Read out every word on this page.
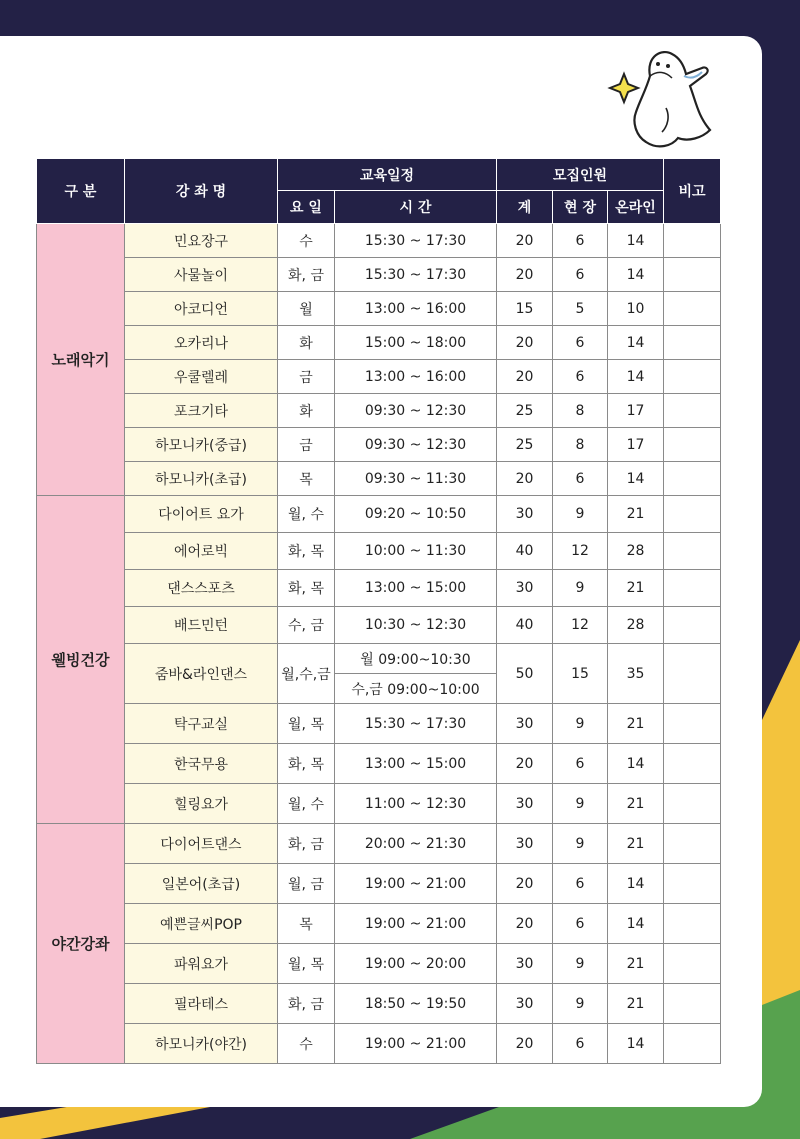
구 분	강 좌 명	교육일정		모집인원			비고
		요 일	시 간	계	현 장	온라인	
노래악기	민요장구	수	15:30 ~ 17:30	20	6	14	
	사물놀이	화, 금	15:30 ~ 17:30	20	6	14	
	아코디언	월	13:00 ~ 16:00	15	5	10	
	오카리나	화	15:00 ~ 18:00	20	6	14	
	우쿨렐레	금	13:00 ~ 16:00	20	6	14	
	포크기타	화	09:30 ~ 12:30	25	8	17	
	하모니카(중급)	금	09:30 ~ 12:30	25	8	17	
	하모니카(초급)	목	09:30 ~ 11:30	20	6	14	
웰빙건강	다이어트 요가	월, 수	09:20 ~ 10:50	30	9	21	
	에어로빅	화, 목	10:00 ~ 11:30	40	12	28	
	댄스스포츠	화, 목	13:00 ~ 15:00	30	9	21	
	배드민턴	수, 금	10:30 ~ 12:30	40	12	28	
	줌바&라인댄스	월,수,금	월 09:00~10:30	50	15	35	
			수,금 09:00~10:00				
	탁구교실	월, 목	15:30 ~ 17:30	30	9	21	
	한국무용	화, 목	13:00 ~ 15:00	20	6	14	
	힐링요가	월, 수	11:00 ~ 12:30	30	9	21	
야간강좌	다이어트댄스	화, 금	20:00 ~ 21:30	30	9	21	
	일본어(초급)	월, 금	19:00 ~ 21:00	20	6	14	
	예쁜글씨POP	목	19:00 ~ 21:00	20	6	14	
	파워요가	월, 목	19:00 ~ 20:00	30	9	21	
	필라테스	화, 금	18:50 ~ 19:50	30	9	21	
	하모니카(야간)	수	19:00 ~ 21:00	20	6	14	
